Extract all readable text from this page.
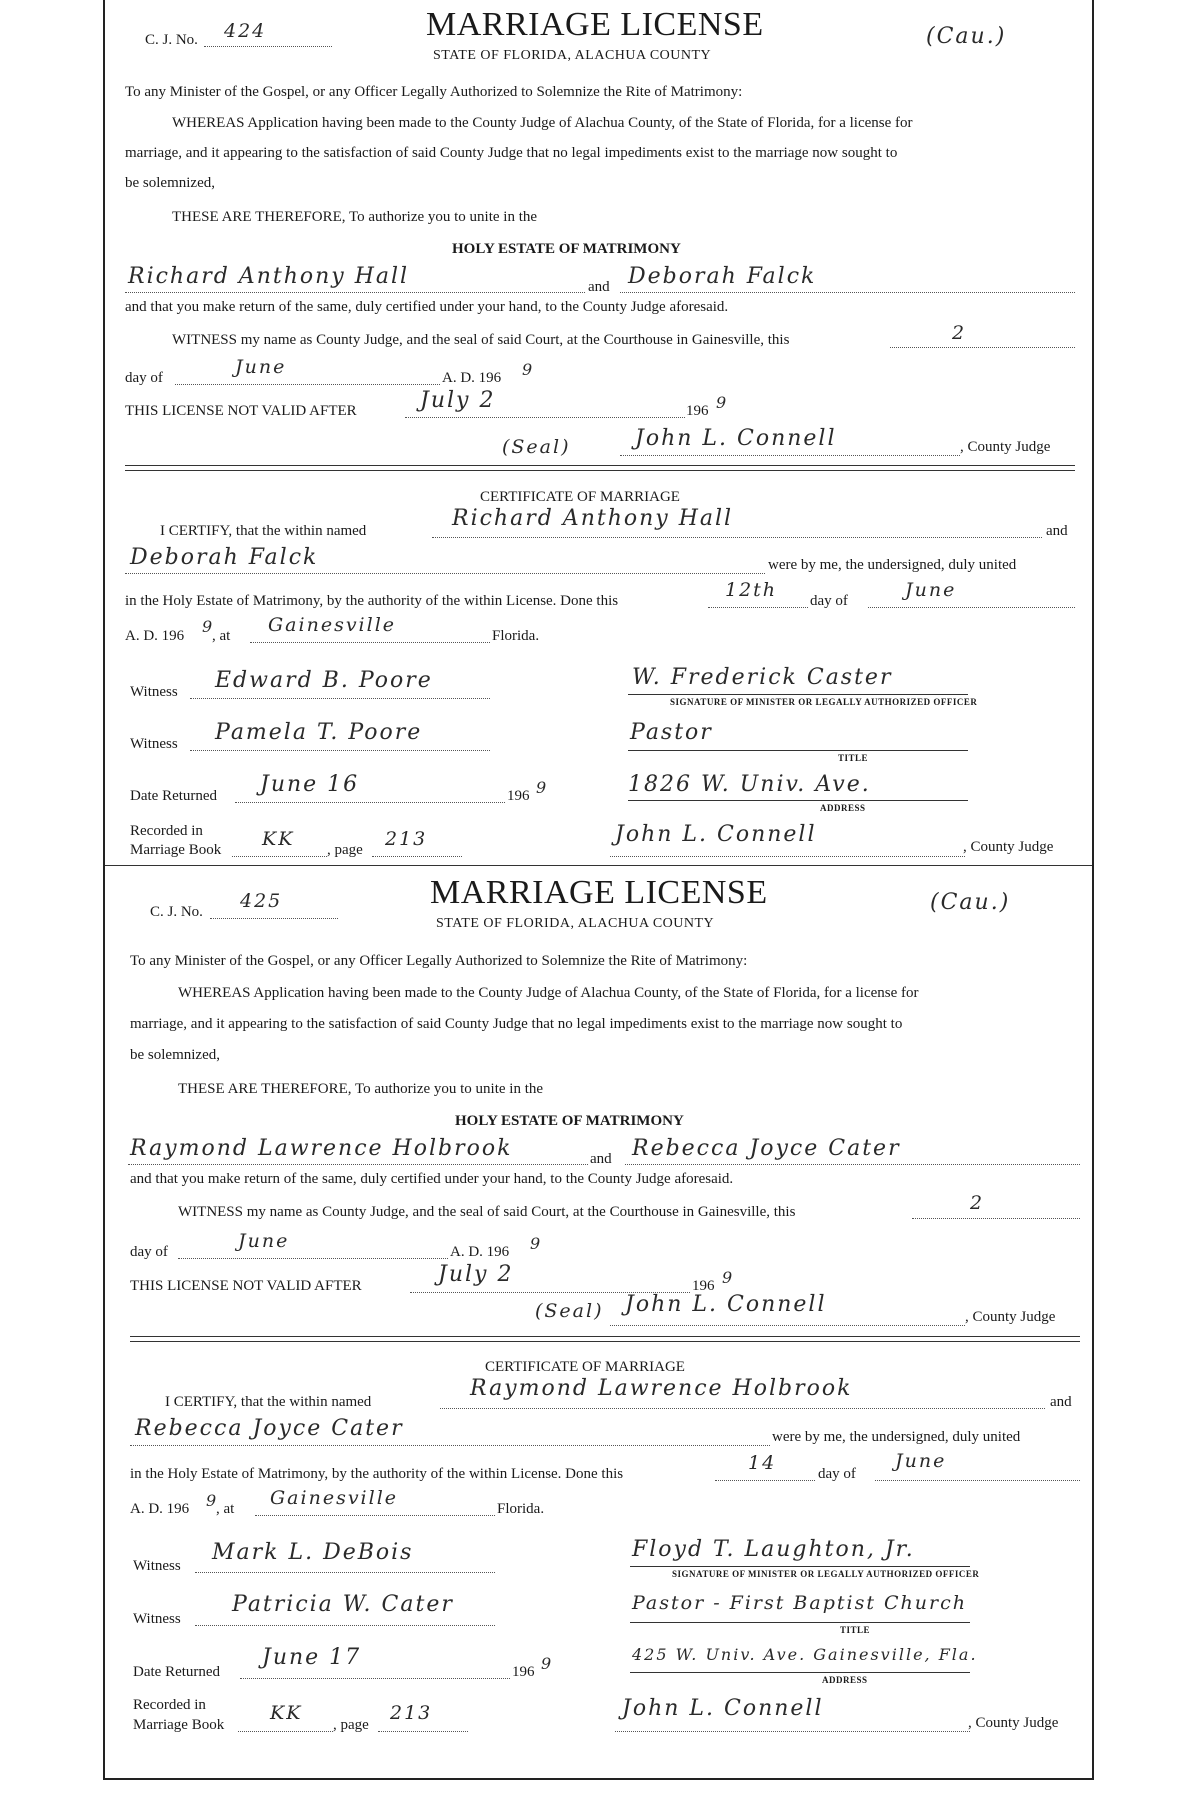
C. J. No. 424	MARRIAGE LICENSE
STATE OF FLORIDA, ALACHUA COUNTY
(Cau.)
To any Minister of the Gospel, or any Officer Legally Authorized to Solemnize the Rite of Matrimony:
WHEREAS Application having been made to the County Judge of Alachua County, of the State of Florida, for a license for
marriage, and it appearing to the satisfaction of said County Judge that no legal impediments exist to the marriage now sought to
be solemnized,
THESE ARE THEREFORE, To authorize you to unite in the
HOLY ESTATE OF MATRIMONY
Richard Anthony Hall	and Deborah Falck
and that you make return of the same, duly certified under your hand, to the County Judge aforesaid.
WITNESS my name as County Judge, and the seal of said Court, at the Courthouse in Gainesville, this	2
day of	June	A. D. 196 9
THIS LICENSE NOT VALID AFTER	July 2	196 9
(Seal)	John L. Connell	, County Judge
CERTIFICATE OF MARRIAGE
I CERTIFY, that the within named	Richard Anthony Hall	and
Deborah Falck	were by me, the undersigned, duly united
in the Holy Estate of Matrimony, by the authority of the within License. Done this	12th day of	June
A. D. 196 9
, at Gainesville	Florida.
Witness Edward B. Poore	W. Frederick Caster
SIGNATURE OF MINISTER OR LEGALLY AUTHORIZED OFFICER
Witness Pamela T. Poore	Pastor
TITLE
Date Returned June 16	196 9	1826 W. Univ. Ave.
ADDRESS
Recorded in
Marriage Book KK , page 213	John L. Connell	, County Judge
C. J. No. 425	MARRIAGE LICENSE
STATE OF FLORIDA, ALACHUA COUNTY
(Cau.)
To any Minister of the Gospel, or any Officer Legally Authorized to Solemnize the Rite of Matrimony:
WHEREAS Application having been made to the County Judge of Alachua County, of the State of Florida, for a license for
marriage, and it appearing to the satisfaction of said County Judge that no legal impediments exist to the marriage now sought to
be solemnized,
THESE ARE THEREFORE, To authorize you to unite in the
HOLY ESTATE OF MATRIMONY
Raymond Lawrence Holbrook	and Rebecca Joyce Cater
and that you make return of the same, duly certified under your hand, to the County Judge aforesaid.
WITNESS my name as County Judge, and the seal of said Court, at the Courthouse in Gainesville, this	2
day of	June	A. D. 196 9
THIS LICENSE NOT VALID AFTER	July 2	196 9
(Seal) John L. Connell	, County Judge
CERTIFICATE OF MARRIAGE
I CERTIFY, that the within named
Raymond Lawrence Holbrook
and
Rebecca Joyce Cater	were by me, the undersigned, duly united
in the Holy Estate of Matrimony, by the authority of the within License. Done this	14	day of
June
A. D. 196 9
, at Gainesville	Florida.
Witness
Mark L. DeBois	Floyd T. Laughton, Jr.
SIGNATURE OF MINISTER OR LEGALLY AUTHORIZED OFFICER
Witness
Patricia W. Cater	Pastor - First Baptist Church
TITLE
Date Returned
June 17
196 9	425 W. Univ. Ave. Gainesville, Fla.
ADDRESS
Recorded in
Marriage Book
KK
, page
213	John L. Connell
, County Judge
